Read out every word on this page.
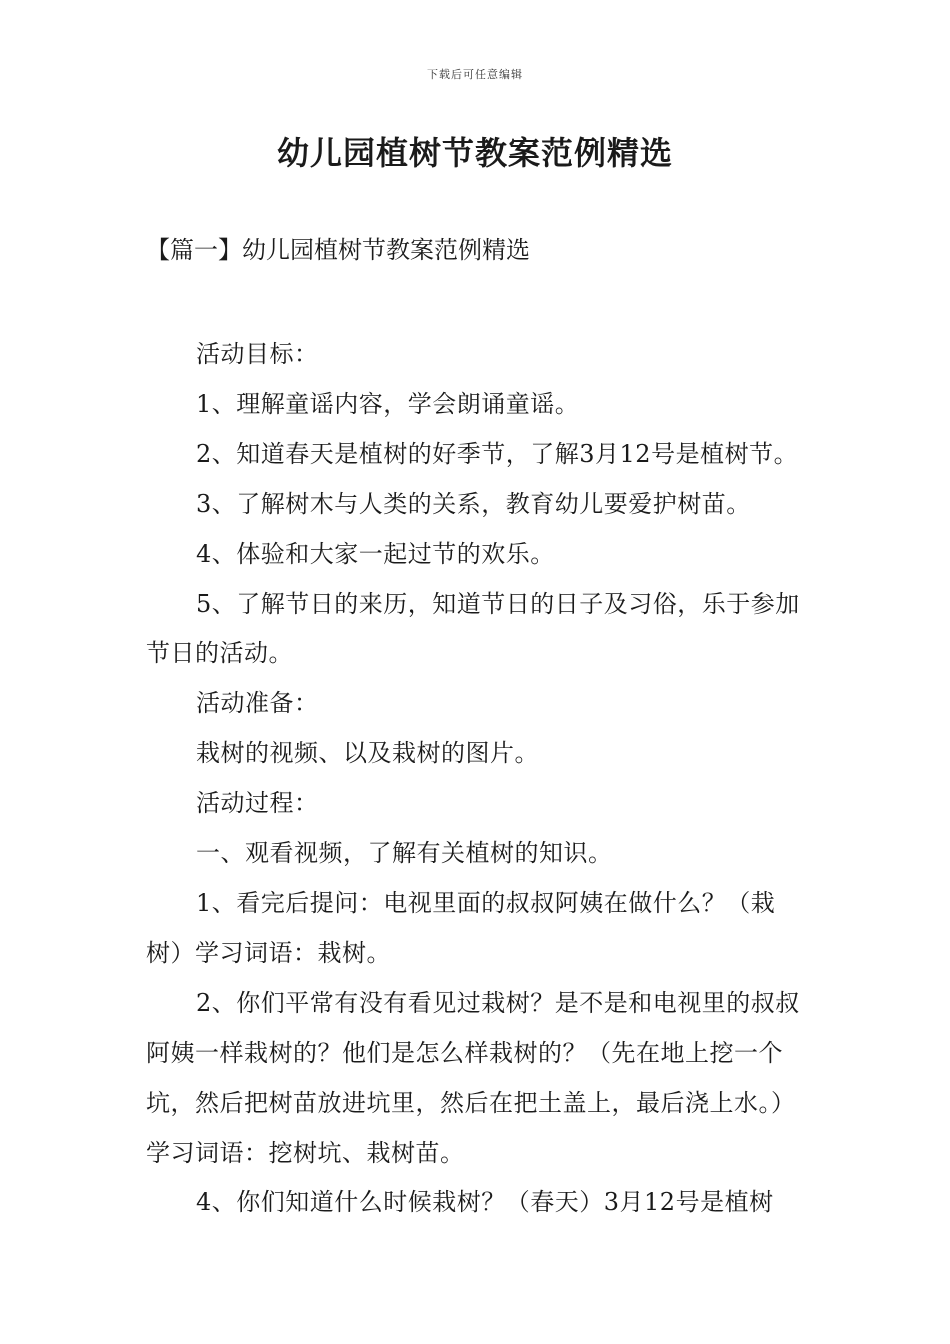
下载后可任意编辑
幼儿园植树节教案范例精选
【篇一】幼儿园植树节教案范例精选

活动目标：

1、理解童谣内容，学会朗诵童谣。

2、知道春天是植树的好季节，了解3月12号是植树节。

3、了解树木与人类的关系，教育幼儿要爱护树苗。

4、体验和大家一起过节的欢乐。

5、了解节日的来历，知道节日的日子及习俗，乐于参加节日的活动。

活动准备：

栽树的视频、以及栽树的图片。

活动过程：

一、观看视频，了解有关植树的知识。

1、看完后提问：电视里面的叔叔阿姨在做什么？（栽树）学习词语：栽树。

2、你们平常有没有看见过栽树？是不是和电视里的叔叔阿姨一样栽树的？他们是怎么样栽树的？（先在地上挖一个坑，然后把树苗放进坑里，然后在把土盖上，最后浇上水。）学习词语：挖树坑、栽树苗。

4、你们知道什么时候栽树？（春天）3月12号是植树
